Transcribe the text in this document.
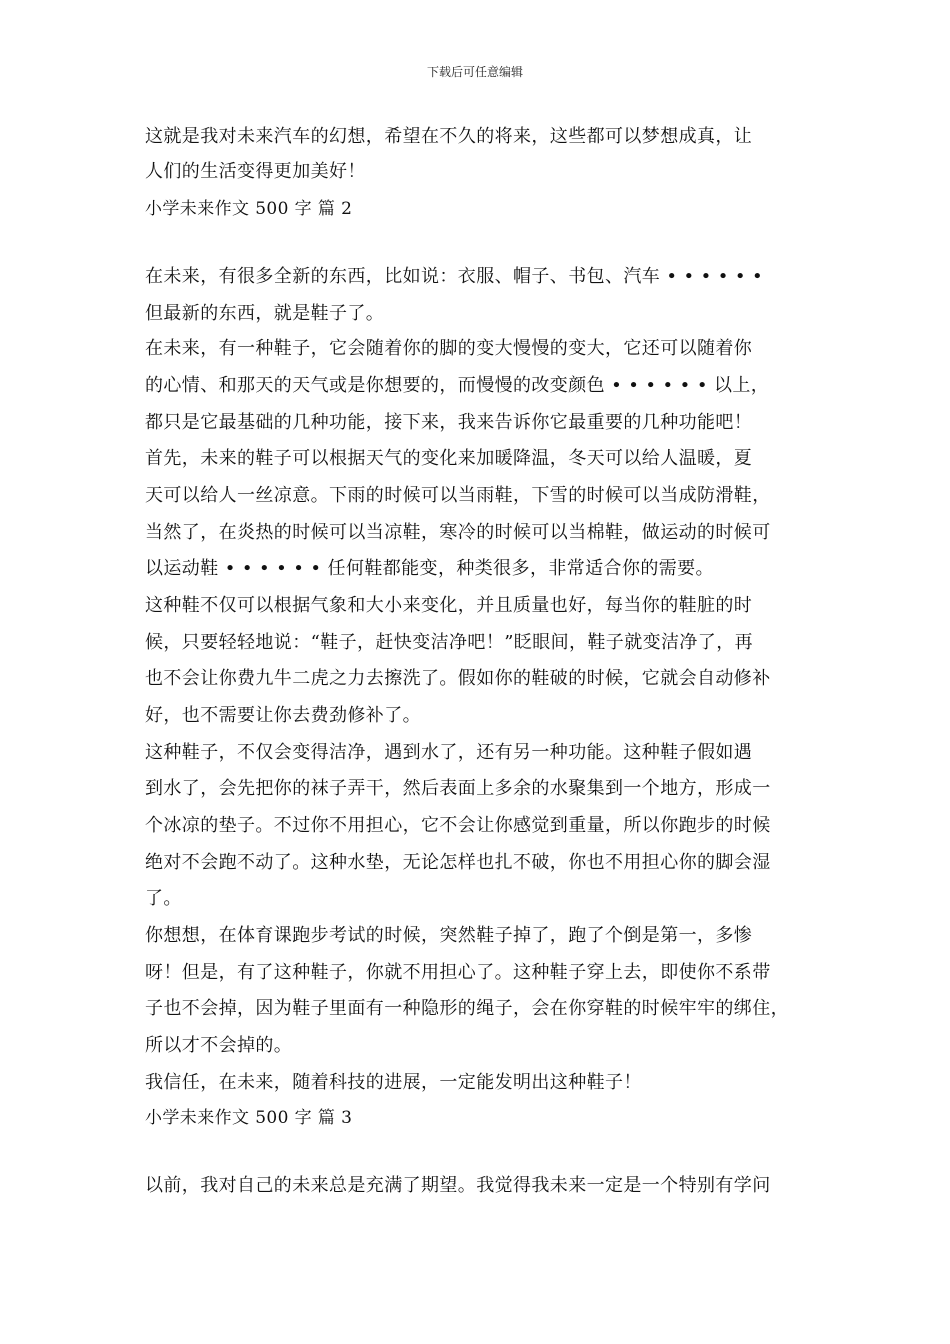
下载后可任意编辑
这就是我对未来汽车的幻想，希望在不久的将来，这些都可以梦想成真，让
人们的生活变得更加美好！
小学未来作文 500 字 篇 2
在未来，有很多全新的东西，比如说：衣服、帽子、书包、汽车 • • • • • •
但最新的东西，就是鞋子了。
在未来，有一种鞋子，它会随着你的脚的变大慢慢的变大，它还可以随着你
的心情、和那天的天气或是你想要的，而慢慢的改变颜色 • • • • • • 以上，
都只是它最基础的几种功能，接下来，我来告诉你它最重要的几种功能吧！
首先，未来的鞋子可以根据天气的变化来加暖降温，冬天可以给人温暖，夏
天可以给人一丝凉意。下雨的时候可以当雨鞋，下雪的时候可以当成防滑鞋，
当然了，在炎热的时候可以当凉鞋，寒冷的时候可以当棉鞋，做运动的时候可
以运动鞋 • • • • • • 任何鞋都能变，种类很多，非常适合你的需要。
这种鞋不仅可以根据气象和大小来变化，并且质量也好，每当你的鞋脏的时
候，只要轻轻地说：“鞋子，赶快变洁净吧！”眨眼间，鞋子就变洁净了，再
也不会让你费九牛二虎之力去擦洗了。假如你的鞋破的时候，它就会自动修补
好，也不需要让你去费劲修补了。
这种鞋子，不仅会变得洁净，遇到水了，还有另一种功能。这种鞋子假如遇
到水了，会先把你的袜子弄干，然后表面上多余的水聚集到一个地方，形成一
个冰凉的垫子。不过你不用担心，它不会让你感觉到重量，所以你跑步的时候
绝对不会跑不动了。这种水垫，无论怎样也扎不破，你也不用担心你的脚会湿
了。
你想想，在体育课跑步考试的时候，突然鞋子掉了，跑了个倒是第一，多惨
呀！但是，有了这种鞋子，你就不用担心了。这种鞋子穿上去，即使你不系带
子也不会掉，因为鞋子里面有一种隐形的绳子，会在你穿鞋的时候牢牢的绑住，
所以才不会掉的。
我信任，在未来，随着科技的进展，一定能发明出这种鞋子！
小学未来作文 500 字 篇 3
以前，我对自己的未来总是充满了期望。我觉得我未来一定是一个特别有学问
